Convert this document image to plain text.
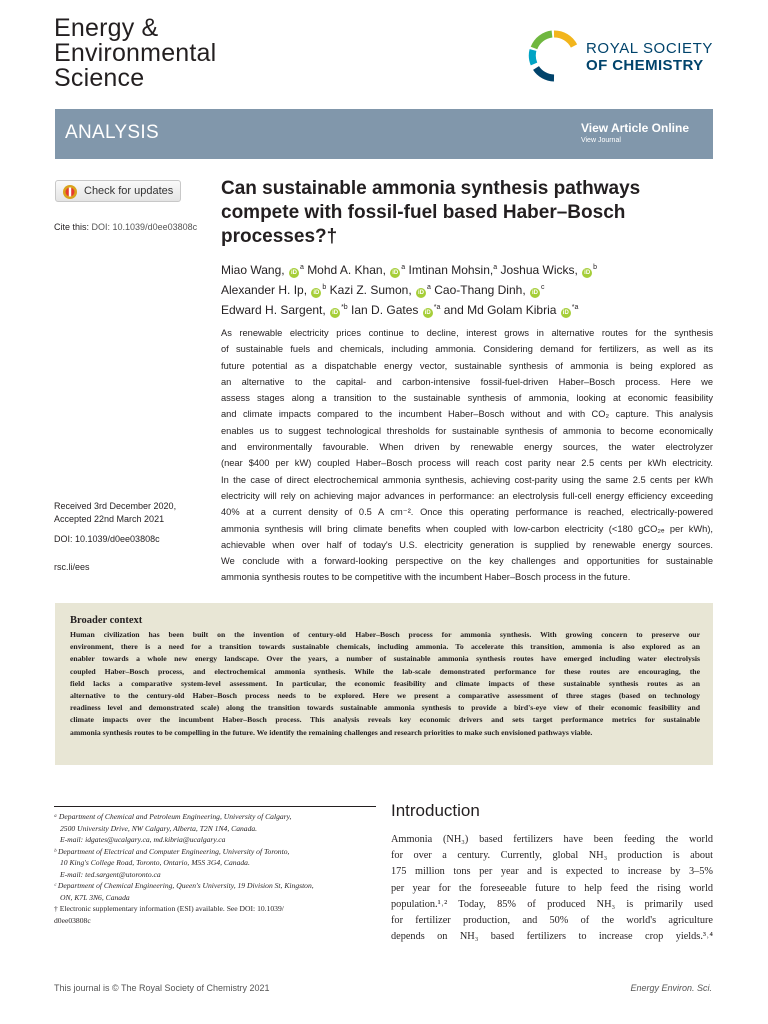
Energy &
Environmental
Science
ROYAL SOCIETY
OF CHEMISTRY
ANALYSIS	View Article Online
View Journal
Check for updates
Cite this: DOI: 10.1039/d0ee03808c
Can sustainable ammonia synthesis pathways compete with fossil-fuel based Haber–Bosch processes?†
Miao Wang, $iD^a$ Mohd A. Khan, $iD^a$ Imtinan Mohsin,$^a$ Joshua Wicks, $iD^b$
Alexander H. Ip, $iD^b$ Kazi Z. Sumon, $iD^a$ Cao-Thang Dinh, $iD^c$
Edward H. Sargent, $iD^{*b}$ Ian D. Gates $iD^{*a}$ and Md Golam Kibria $iD^{*a}$
As renewable electricity prices continue to decline, interest grows in alternative routes for the synthesis
of sustainable fuels and chemicals, including ammonia. Considering demand for fertilizers, as well as its
future potential as a dispatchable energy vector, sustainable synthesis of ammonia is being explored as
an alternative to the capital- and carbon-intensive fossil-fuel-driven Haber–Bosch process. Here we
assess stages along a transition to the sustainable synthesis of ammonia, looking at economic feasibility
and climate impacts compared to the incumbent Haber–Bosch without and with CO₂ capture. This analysis
enables us to suggest technological thresholds for sustainable synthesis of ammonia to become economically
and environmentally favourable. When driven by renewable energy sources, the water electrolyzer
(near $400 per kW) coupled Haber–Bosch process will reach cost parity near 2.5 cents per kWh electricity.
In the case of direct electrochemical ammonia synthesis, achieving cost-parity using the same 2.5 cents per kWh
electricity will rely on achieving major advances in performance: an electrolysis full-cell energy efficiency exceeding
40% at a current density of 0.5 A cm⁻². Once this operating performance is reached, electrically-powered
ammonia synthesis will bring climate benefits when coupled with low-carbon electricity (<180 gCO₂ₑ per kWh),
achievable when over half of today's U.S. electricity generation is supplied by renewable energy sources.
We conclude with a forward-looking perspective on the key challenges and opportunities for sustainable
ammonia synthesis routes to be competitive with the incumbent Haber–Bosch process in the future.
Received 3rd December 2020,
Accepted 22nd March 2021
DOI: 10.1039/d0ee03808c
rsc.li/ees
Broader context
Human civilization has been built on the invention of century-old Haber–Bosch process for ammonia synthesis. With growing concern to preserve our
environment, there is a need for a transition towards sustainable chemicals, including ammonia. To accelerate this transition, ammonia is also explored as an
enabler towards a whole new energy landscape. Over the years, a number of sustainable ammonia synthesis routes have emerged including water electrolysis
coupled Haber–Bosch process, and electrochemical ammonia synthesis. While the lab-scale demonstrated performance for these routes are encouraging, the
field lacks a comparative system-level assessment. In particular, the economic feasibility and climate impacts of these sustainable synthesis routes as an
alternative to the century-old Haber–Bosch process needs to be explored. Here we present a comparative assessment of three stages (based on technology
readiness level and demonstrated scale) along the transition towards sustainable ammonia synthesis to provide a bird's-eye view of their economic feasibility and
climate impacts over the incumbent Haber–Bosch process. This analysis reveals key economic drivers and sets target performance metrics for sustainable
ammonia synthesis routes to be compelling in the future. We identify the remaining challenges and research priorities to make such envisioned pathways viable.
ᵃ Department of Chemical and Petroleum Engineering, University of Calgary,
2500 University Drive, NW Calgary, Alberta, T2N 1N4, Canada.
E-mail: idgates@ucalgary.ca, md.kibria@ucalgary.ca
ᵇ Department of Electrical and Computer Engineering, University of Toronto,
10 King's College Road, Toronto, Ontario, M5S 3G4, Canada.
E-mail: ted.sargent@utoronto.ca
ᶜ Department of Chemical Engineering, Queen's University, 19 Division St, Kingston,
ON, K7L 3N6, Canada
† Electronic supplementary information (ESI) available. See DOI: 10.1039/
d0ee03808c
Introduction
Ammonia (NH₃) based fertilizers have been feeding the world
for over a century. Currently, global NH₃ production is about
175 million tons per year and is expected to increase by 3–5%
per year for the foreseeable future to help feed the rising world
population.¹˒² Today, 85% of produced NH₃ is primarily used
for fertilizer production, and 50% of the world's agriculture
depends on NH₃ based fertilizers to increase crop yields.³˒⁴
This journal is © The Royal Society of Chemistry 2021	Energy Environ. Sci.
